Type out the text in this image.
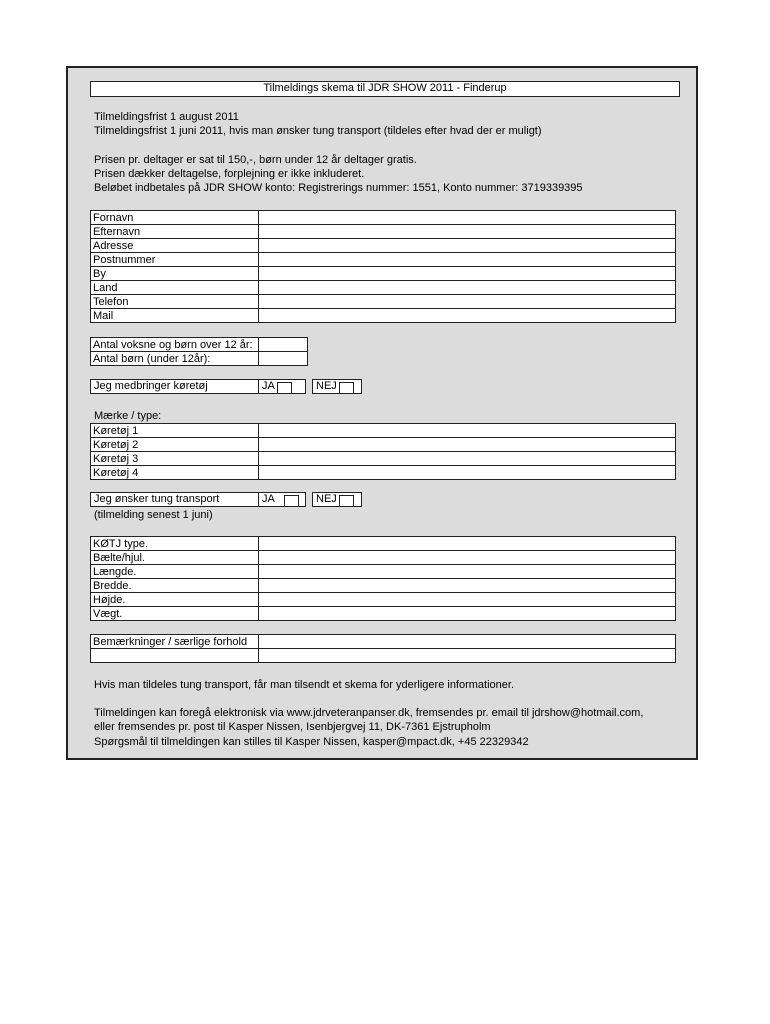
Tilmeldings skema til JDR SHOW 2011 - Finderup
Tilmeldingsfrist 1 august 2011
Tilmeldingsfrist 1 juni 2011, hvis man ønsker tung transport (tildeles efter hvad der er muligt)
Prisen pr. deltager er sat til 150,-, børn under 12 år deltager gratis.
Prisen dækker deltagelse, forplejning er ikke inkluderet.
Beløbet indbetales på JDR SHOW konto: Registrerings nummer: 1551, Konto nummer: 3719339395
Fornavn	
Efternavn	
Adresse	
Postnummer	
By	
Land	
Telefon	
Mail	
Antal voksne og børn over 12 år:	
Antal børn (under 12år):	
Jeg medbringer køretøj	JA	NEJ
Mærke / type:
Køretøj 1	
Køretøj 2	
Køretøj 3	
Køretøj 4	
Jeg ønsker tung transport	JA	NEJ
(tilmelding senest 1 juni)
KØTJ type.	
Bælte/hjul.	
Længde.	
Bredde.	
Højde.	
Vægt.	
Bemærkninger / særlige forhold	

Hvis man tildeles tung transport, får man tilsendt et skema for yderligere informationer.
Tilmeldingen kan foregå elektronisk via www.jdrveteranpanser.dk, fremsendes pr. email til jdrshow@hotmail.com,
eller fremsendes pr. post til Kasper Nissen, Isenbjergvej 11, DK-7361 Ejstrupholm
Spørgsmål til tilmeldingen kan stilles til Kasper Nissen, kasper@mpact.dk, +45 22329342
